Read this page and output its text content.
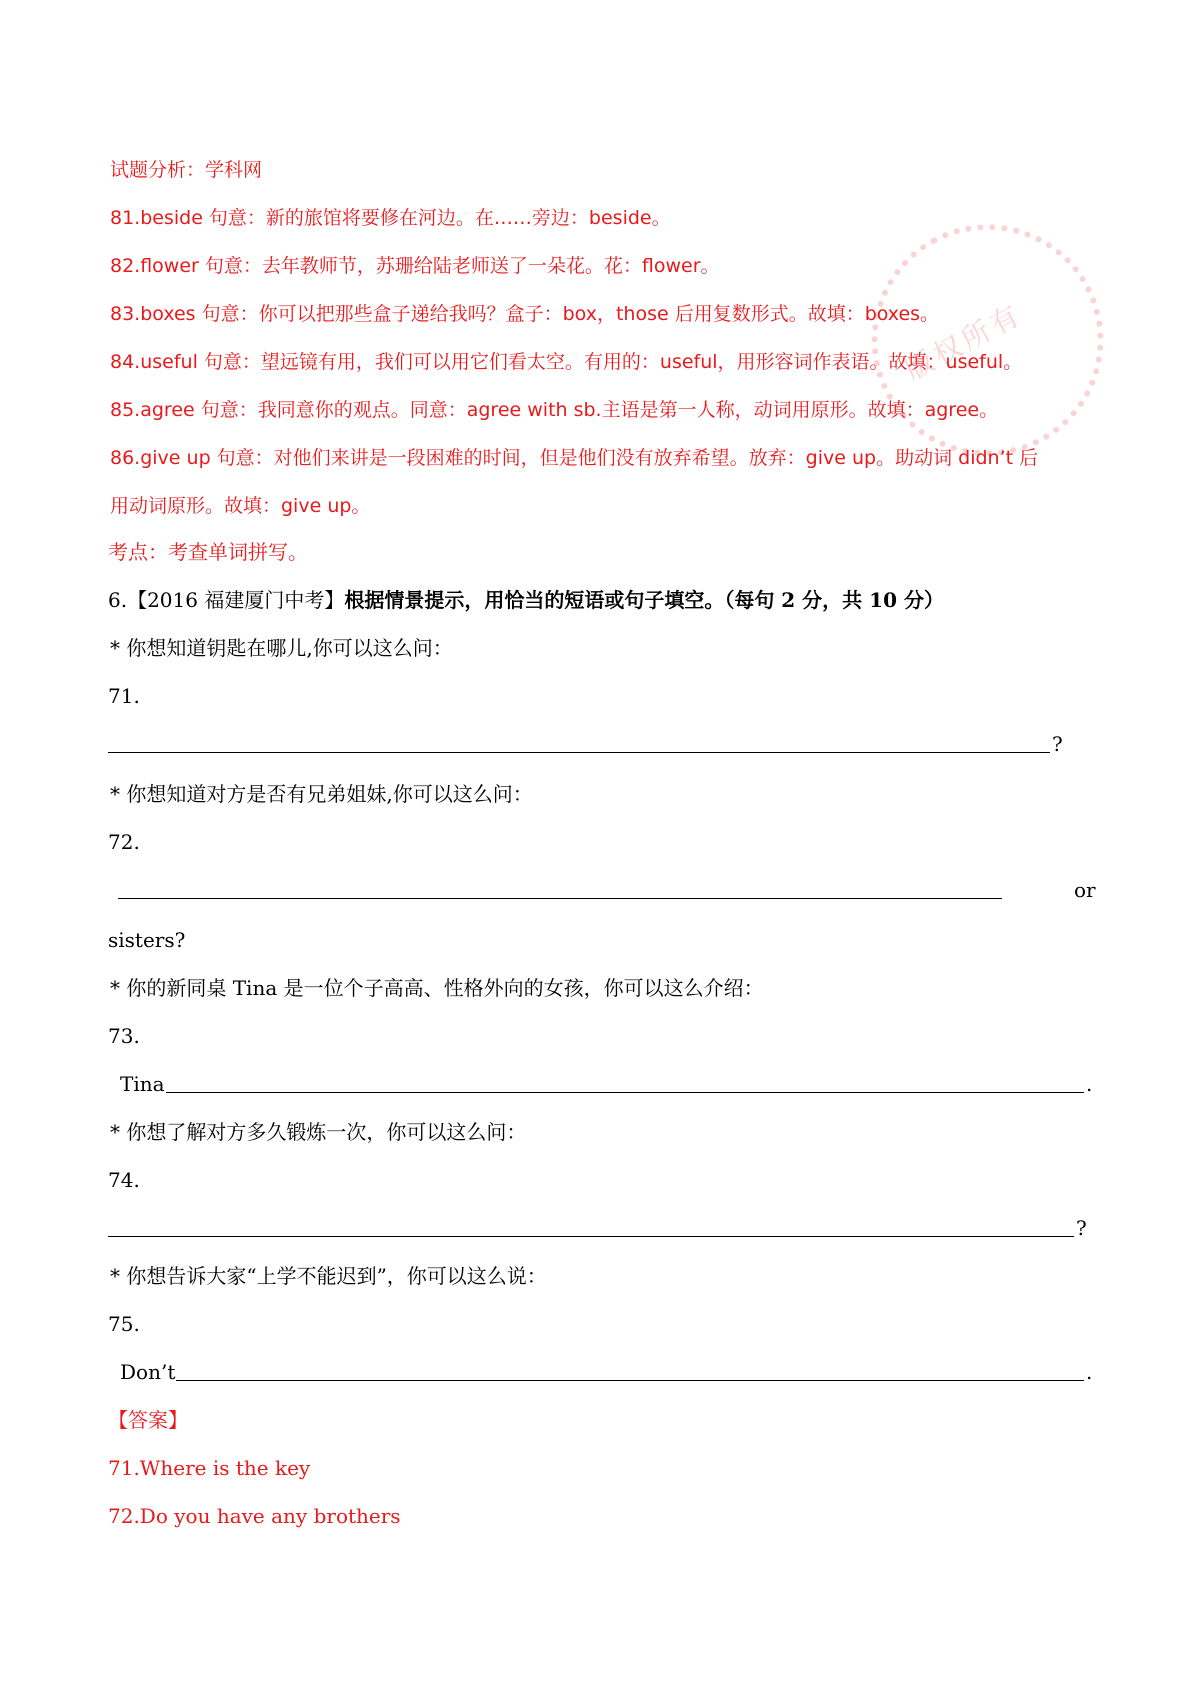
版权所有
试题分析：学科网
81.beside 句意：新的旅馆将要修在河边。在……旁边：beside。
82.flower 句意：去年教师节，苏珊给陆老师送了一朵花。花：flower。
83.boxes 句意：你可以把那些盒子递给我吗？盒子：box，those 后用复数形式。故填：boxes。
84.useful 句意：望远镜有用，我们可以用它们看太空。有用的：useful，用形容词作表语。故填：useful。
85.agree 句意：我同意你的观点。同意：agree with sb.主语是第一人称，动词用原形。故填：agree。
86.give up 句意：对他们来讲是一段困难的时间，但是他们没有放弃希望。放弃：give up。助动词 didn’t 后
用动词原形。故填：give up。
考点：考查单词拼写。
6.【2016 福建厦门中考】根据情景提示，用恰当的短语或句子填空。（每句 2 分，共 10 分）
* 你想知道钥匙在哪儿,你可以这么问：
71.
?
* 你想知道对方是否有兄弟姐妹,你可以这么问：
72.
or
sisters?
* 你的新同桌 Tina 是一位个子高高、性格外向的女孩，你可以这么介绍：
73.
Tina	.
* 你想了解对方多久锻炼一次，你可以这么问：
74.
?
* 你想告诉大家“上学不能迟到”，你可以这么说：
75.
Don’t	.
【答案】
71.Where is the key
72.Do you have any brothers
